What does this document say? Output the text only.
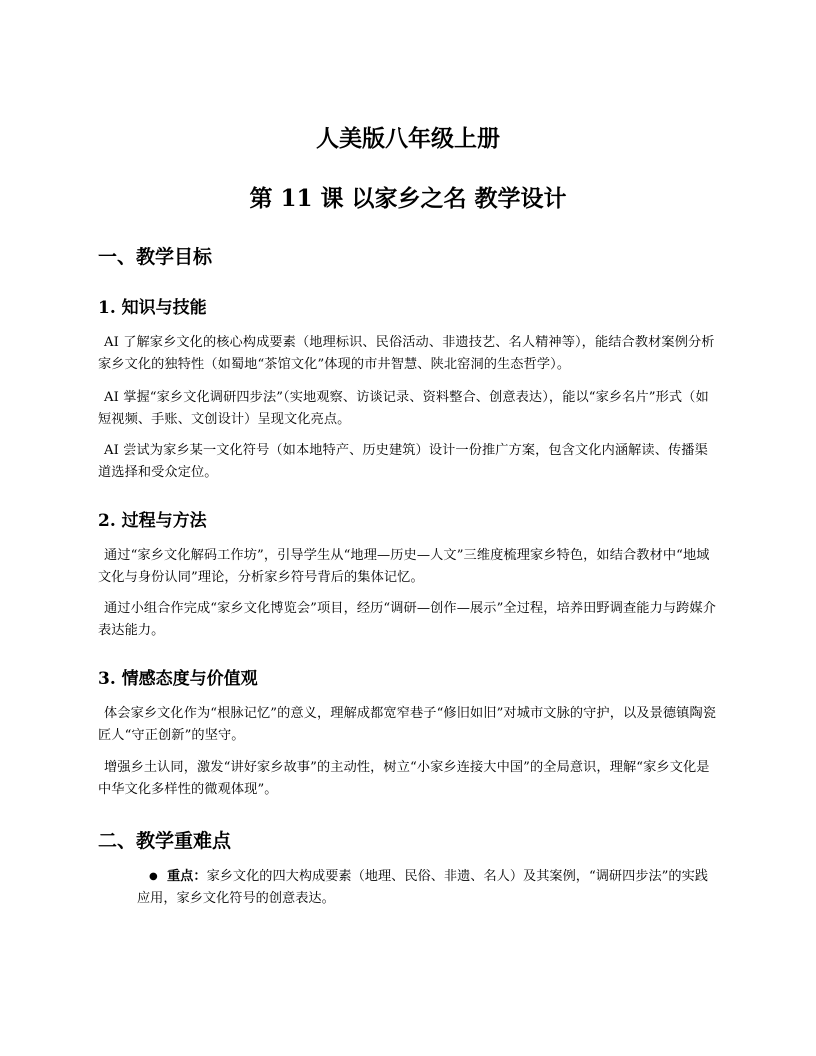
人美版八年级上册
第 11 课 以家乡之名 教学设计
一、教学目标
1. 知识与技能
AI 了解家乡文化的核心构成要素（地理标识、民俗活动、非遗技艺、名人精神等），能结合教材案例分析家乡文化的独特性（如蜀地“茶馆文化”体现的市井智慧、陕北窑洞的生态哲学）。
AI 掌握“家乡文化调研四步法”（实地观察、访谈记录、资料整合、创意表达），能以“家乡名片”形式（如短视频、手账、文创设计）呈现文化亮点。
AI 尝试为家乡某一文化符号（如本地特产、历史建筑）设计一份推广方案，包含文化内涵解读、传播渠道选择和受众定位。
2. 过程与方法
通过“家乡文化解码工作坊”，引导学生从“地理—历史—人文”三维度梳理家乡特色，如结合教材中“地域文化与身份认同”理论，分析家乡符号背后的集体记忆。
通过小组合作完成“家乡文化博览会”项目，经历“调研—创作—展示”全过程，培养田野调查能力与跨媒介表达能力。
3. 情感态度与价值观
体会家乡文化作为“根脉记忆”的意义，理解成都宽窄巷子“修旧如旧”对城市文脉的守护，以及景德镇陶瓷匠人“守正创新”的坚守。
增强乡土认同，激发“讲好家乡故事”的主动性，树立“小家乡连接大中国”的全局意识，理解“家乡文化是中华文化多样性的微观体现”。
二、教学重难点
● 重点：家乡文化的四大构成要素（地理、民俗、非遗、名人）及其案例，“调研四步法”的实践应用，家乡文化符号的创意表达。
